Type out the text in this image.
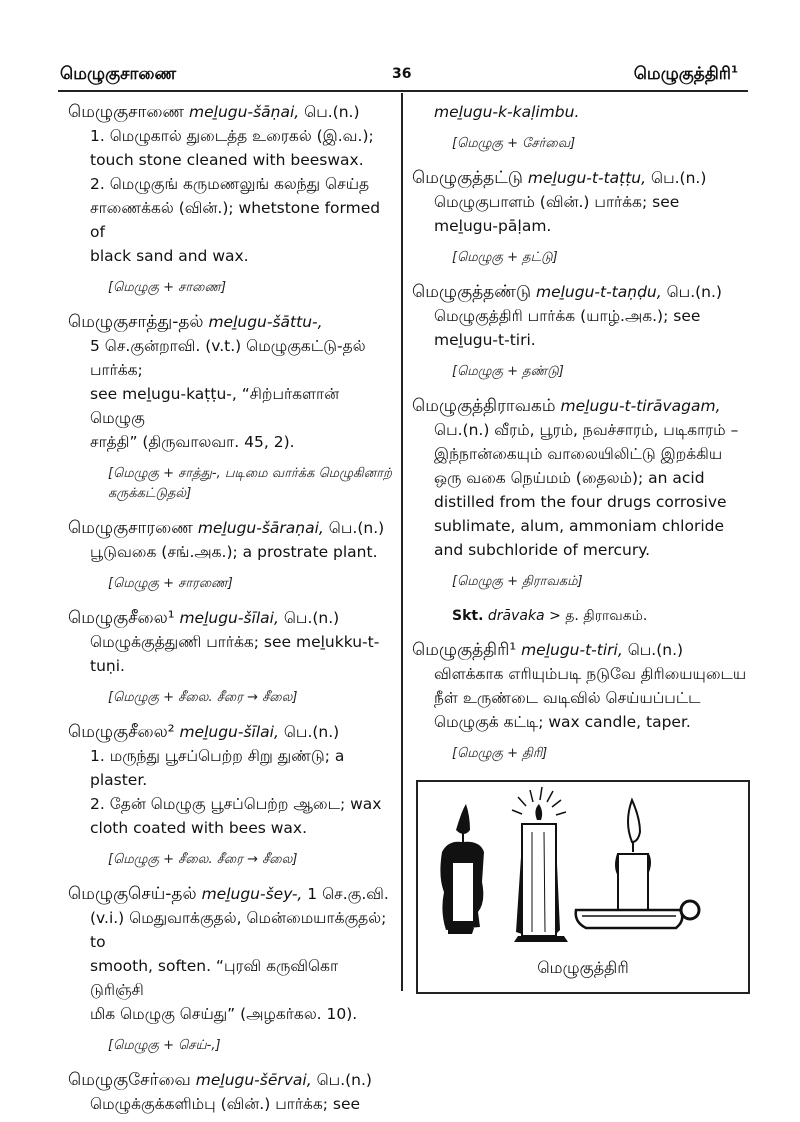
மெழுகுசாணை	36	மெழுகுத்திரி$^1$
மெழுகுசாணை meḻugu-šāṇai, பெ.(n.)
1. மெழுகால் துடைத்த உரைகல் (இ.வ.);
touch stone cleaned with beeswax.
2. மெழுகுங் கருமணலுங் கலந்து செய்த
சாணைக்கல் (வின்.); whetstone formed of
black sand and wax.
[மெழுகு + சாணை]
மெழுகுசாத்து-தல் meḻugu-šāttu-,
5 செ.குன்றாவி. (v.t.) மெழுகுகட்டு-தல் பார்க்க;
see meḻugu-kaṭṭu-, “சிற்பர்களான் மெழுகு
சாத்தி” (திருவாலவா. 45, 2).
[மெழுகு + சாத்து-, படிமை வார்க்க மெழுகினாற் கருக்கட்டுதல்]
மெழுகுசாரணை meḻugu-šāraṇai, பெ.(n.)
பூடுவகை (சங்.அக.); a prostrate plant.
[மெழுகு + சாரணை]
மெழுகுசீலை¹ meḻugu-šīlai, பெ.(n.)
மெழுக்குத்துணி பார்க்க; see meḻukku-t-
tuṇi.
[மெழுகு + சீலை. சீரை → சீலை]
மெழுகுசீலை² meḻugu-šīlai, பெ.(n.)
1. மருந்து பூசப்பெற்ற சிறு துண்டு; a plaster.
2. தேன் மெழுகு பூசப்பெற்ற ஆடை; wax
cloth coated with bees wax.
[மெழுகு + சீலை. சீரை → சீலை]
மெழுகுசெய்-தல் meḻugu-šey-, 1 செ.கு.வி.
(v.i.) மெதுவாக்குதல், மென்மையாக்குதல்; to
smooth, soften. “புரவி கருவிகொ டுரிஞ்சி
மிக மெழுகு செய்து” (அழகர்கல. 10).
[மெழுகு + செய்-,]
மெழுகுசேர்வை meḻugu-šērvai, பெ.(n.)
மெழுக்குக்களிம்பு (வின்.) பார்க்க; see
meḻugu-k-kaḷimbu.
[மெழுகு + சேர்வை]
மெழுகுத்தட்டு meḻugu-t-taṭṭu, பெ.(n.)
மெழுகுபாளம் (வின்.) பார்க்க; see
meḻugu-pāḷam.
[மெழுகு + தட்டு]
மெழுகுத்தண்டு meḻugu-t-taṇḍu, பெ.(n.)
மெழுகுத்திரி பார்க்க (யாழ்.அக.); see
meḻugu-t-tiri.
[மெழுகு + தண்டு]
மெழுகுத்திராவகம் meḻugu-t-tirāvagam,
பெ.(n.) வீரம், பூரம், நவச்சாரம், படிகாரம் –
இந்நான்கையும் வாலையிலிட்டு இறக்கிய
ஒரு வகை நெய்மம் (தைலம்); an acid
distilled from the four drugs corrosive
sublimate, alum, ammoniam chloride
and subchloride of mercury.
[மெழுகு + திராவகம்]
Skt. drāvaka > த. திராவகம்.
மெழுகுத்திரி¹ meḻugu-t-tiri, பெ.(n.)
விளக்காக எரியும்படி நடுவே திரியையுடைய
நீள் உருண்டை வடிவில் செய்யப்பட்ட
மெழுகுக் கட்டி; wax candle, taper.
[மெழுகு + திரி]
மெழுகுத்திரி
